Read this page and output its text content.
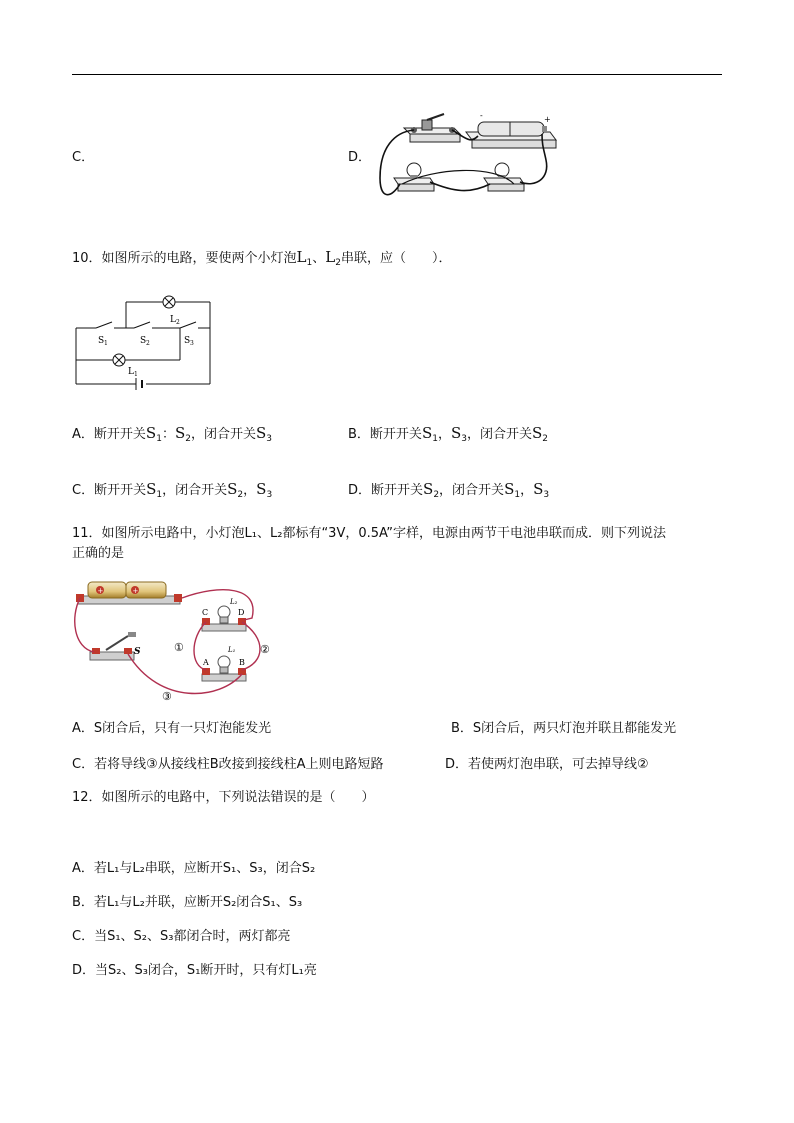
C．	D．
-	+
10．如图所示的电路，要使两个小灯泡$L_1$、$L_2$串联，应（　　）．
L 2
L 1
S 1	S 2	S 3
A．断开开关$S_1$：$S_2$，闭合开关$S_3$	B．断开开关$S_1$，$S_3$，闭合开关$S_2$
C．断开开关$S_1$，闭合开关$S_2$，$S_3$	D．断开开关$S_2$，闭合开关$S_1$，$S_3$
11．如图所示电路中，小灯泡L₁、L₂都标有“3V，0.5A”字样，电源由两节干电池串联而成．则下列说法
正确的是
+	+
S
C	D
L₂
A	B
L₁
①	②
③
A．S闭合后，只有一只灯泡能发光	B．S闭合后，两只灯泡并联且都能发光
C．若将导线③从接线柱B改接到接线柱A上则电路短路	D．若使两灯泡串联，可去掉导线②
12．如图所示的电路中，下列说法错误的是（　　）
A．若L₁与L₂串联，应断开S₁、S₃，闭合S₂
B．若L₁与L₂并联，应断开S₂闭合S₁、S₃
C．当S₁、S₂、S₃都闭合时，两灯都亮
D．当S₂、S₃闭合，S₁断开时，只有灯L₁亮
